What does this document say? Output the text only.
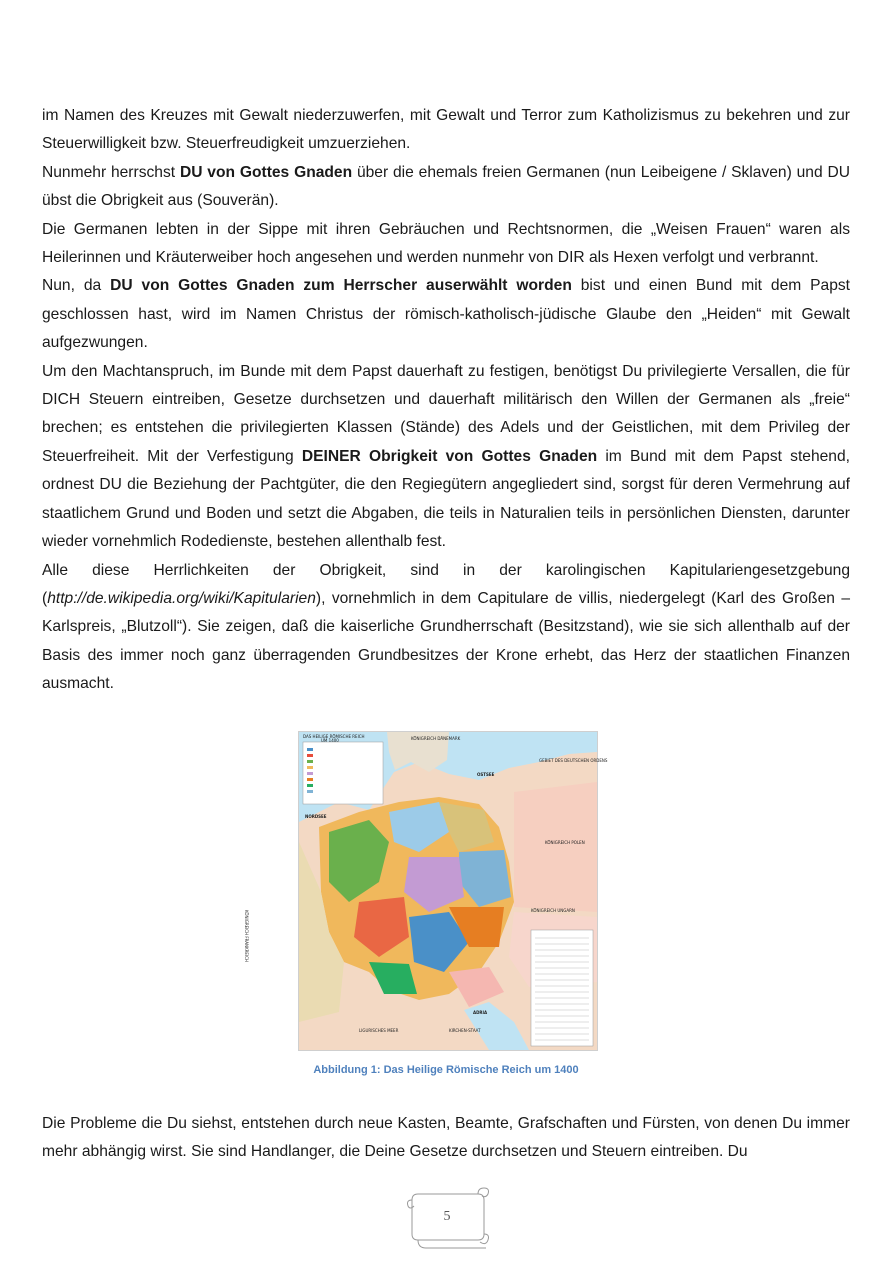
im Namen des Kreuzes mit Gewalt niederzuwerfen, mit Gewalt und Terror zum Katholizismus zu bekehren und zur Steuerwilligkeit bzw. Steuerfreudigkeit umzuerziehen.

Nunmehr herrschst DU von Gottes Gnaden über die ehemals freien Germanen (nun Leibeigene / Sklaven) und DU übst die Obrigkeit aus (Souverän).

Die Germanen lebten in der Sippe mit ihren Gebräuchen und Rechtsnormen, die „Weisen Frauen“ waren als Heilerinnen und Kräuterweiber hoch angesehen und werden nunmehr von DIR als Hexen verfolgt und verbrannt.

Nun, da DU von Gottes Gnaden zum Herrscher auserwählt worden bist und einen Bund mit dem Papst geschlossen hast, wird im Namen Christus der römisch-katholisch-jüdische Glaube den „Heiden“ mit Gewalt aufgezwungen.

Um den Machtanspruch, im Bunde mit dem Papst dauerhaft zu festigen, benötigst Du privilegierte Versallen, die für DICH Steuern eintreiben, Gesetze durchsetzen und dauerhaft militärisch den Willen der Germanen als „freie“ brechen; es entstehen die privilegierten Klassen (Stände) des Adels und der Geistlichen, mit dem Privileg der Steuerfreiheit. Mit der Verfestigung DEINER Obrigkeit von Gottes Gnaden im Bund mit dem Papst stehend, ordnest DU die Beziehung der Pachtgüter, die den Regiegütern angegliedert sind, sorgst für deren Vermehrung auf staatlichem Grund und Boden und setzt die Abgaben, die teils in Naturalien teils in persönlichen Diensten, darunter wieder vornehmlich Rodedienste, bestehen allenthalb fest.

Alle diese Herrlichkeiten der Obrigkeit, sind in der karolingischen Kapitulariengesetzgebung (http://de.wikipedia.org/wiki/Kapitularien), vornehmlich in dem Capitulare de villis, niedergelegt (Karl des Großen – Karlspreis, „Blutzoll“). Sie zeigen, daß die kaiserliche Grundherrschaft (Besitzstand), wie sie sich allenthalb auf der Basis des immer noch ganz überragenden Grundbesitzes der Krone erhebt, das Herz der staatlichen Finanzen ausmacht.

DAS HEILIGE RÖMISCHE REICH
UM 1400	KÖNIGREICH DÄNEMARK
OSTSEE
NORDSEE
GEBIET DES DEUTSCHEN ORDENS
KÖNIGREICH POLEN
KÖNIGREICH UNGARN
KÖNIGREICH FRANKREICH
ADRIA
LIGURISCHES MEER	KIRCHEN-STAAT
Abbildung 1: Das Heilige Römische Reich um 1400

Die Probleme die Du siehst, entstehen durch neue Kasten, Beamte, Grafschaften und Fürsten, von denen Du immer mehr abhängig wirst. Sie sind Handlanger, die Deine Gesetze durchsetzen und Steuern eintreiben. Du

5
